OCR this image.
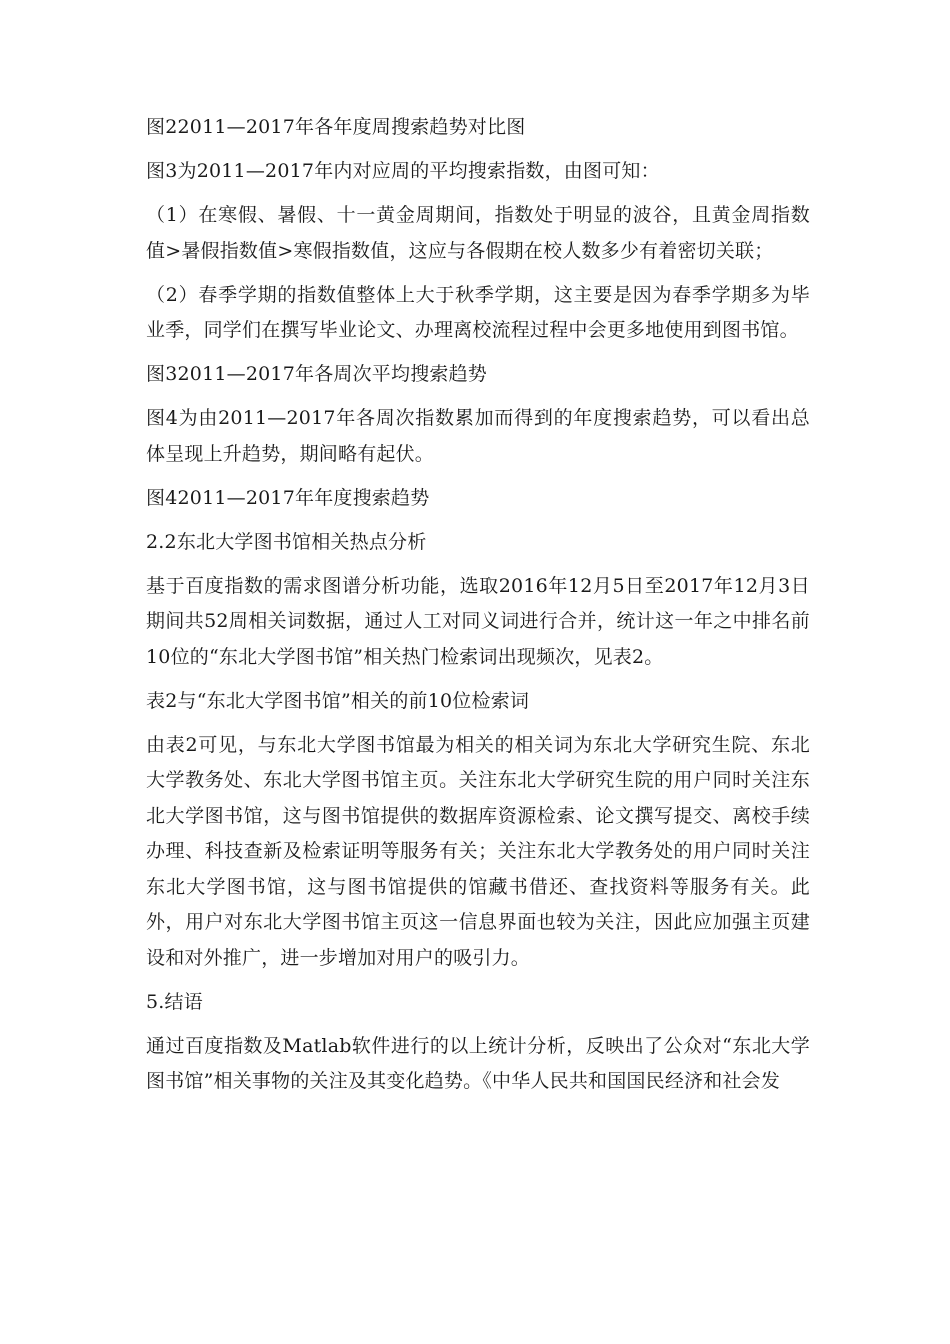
图22011—2017年各年度周搜索趋势对比图

图3为2011—2017年内对应周的平均搜索指数，由图可知：

（1）在寒假、暑假、十一黄金周期间，指数处于明显的波谷，且黄金周指数值>暑假指数值>寒假指数值，这应与各假期在校人数多少有着密切关联；

（2）春季学期的指数值整体上大于秋季学期，这主要是因为春季学期多为毕业季，同学们在撰写毕业论文、办理离校流程过程中会更多地使用到图书馆。

图32011—2017年各周次平均搜索趋势

图4为由2011—2017年各周次指数累加而得到的年度搜索趋势，可以看出总体呈现上升趋势，期间略有起伏。

图42011—2017年年度搜索趋势

2.2东北大学图书馆相关热点分析

基于百度指数的需求图谱分析功能，选取2016年12月5日至2017年12月3日期间共52周相关词数据，通过人工对同义词进行合并，统计这一年之中排名前10位的“东北大学图书馆”相关热门检索词出现频次，见表2。

表2与“东北大学图书馆”相关的前10位检索词

由表2可见，与东北大学图书馆最为相关的相关词为东北大学研究生院、东北大学教务处、东北大学图书馆主页。关注东北大学研究生院的用户同时关注东北大学图书馆，这与图书馆提供的数据库资源检索、论文撰写提交、离校手续办理、科技查新及检索证明等服务有关；关注东北大学教务处的用户同时关注东北大学图书馆，这与图书馆提供的馆藏书借还、查找资料等服务有关。此外，用户对东北大学图书馆主页这一信息界面也较为关注，因此应加强主页建设和对外推广，进一步增加对用户的吸引力。

5.结语

通过百度指数及Matlab软件进行的以上统计分析，反映出了公众对“东北大学图书馆”相关事物的关注及其变化趋势。《中华人民共和国国民经济和社会发
